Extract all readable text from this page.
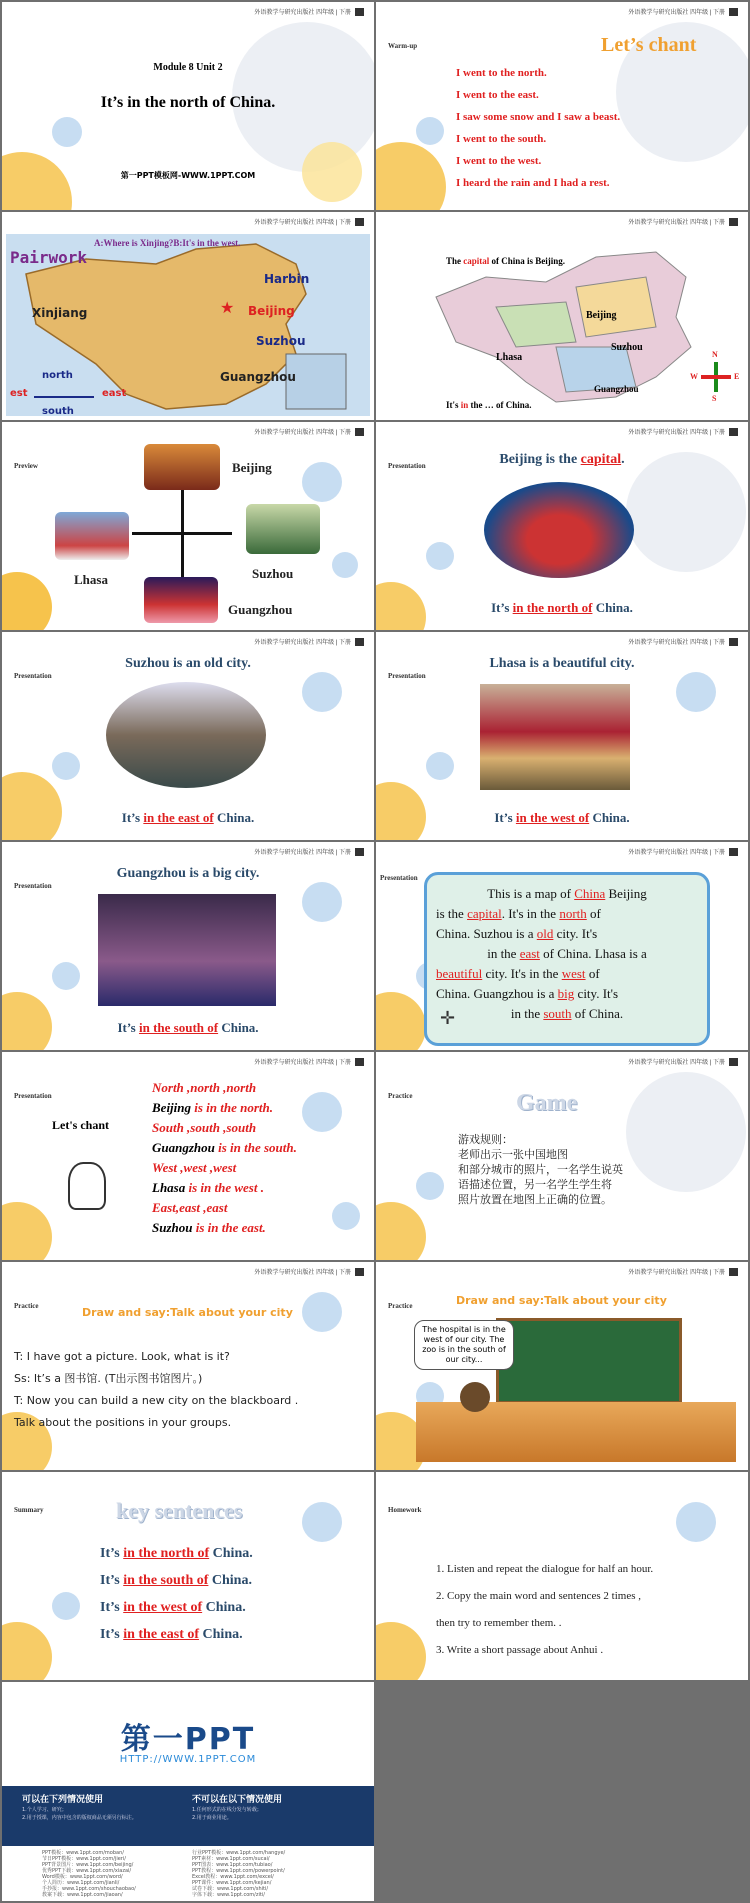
外语教学与研究出版社 四年级 | 下册
Module 8 Unit 2
It’s in the north of China.
第一PPT模板网-WWW.1PPT.COM
外语教学与研究出版社 四年级 | 下册
Warm-up	Let’s chant
I went to the north.
I went to the east.
I saw some snow and I saw a beast.
I went to the south.
I went to the west.
I heard the rain and I had a rest.
外语教学与研究出版社 四年级 | 下册
Pairwork
A:Where is Xinjing?B:It's in the west.
Harbin
Beijing
★
Suzhou
Guangzhou
Xinjiang
north
south
east
est
外语教学与研究出版社 四年级 | 下册
The capital of China is Beijing.
Beijing
Suzhou
Lhasa
Guangzhou
It's in the … of China.
N
S
E
W
外语教学与研究出版社 四年级 | 下册
Preview	Beijing
Lhasa	Suzhou
Guangzhou
外语教学与研究出版社 四年级 | 下册
Presentation	Beijing is the capital.
It’s in the north of China.
外语教学与研究出版社 四年级 | 下册
Presentation
Suzhou is an old city.
It’s in the east of China.
外语教学与研究出版社 四年级 | 下册
Presentation
Lhasa is a beautiful city.
It’s in the west of China.
外语教学与研究出版社 四年级 | 下册
Presentation
Guangzhou is a big city.
It’s in the south of China.
外语教学与研究出版社 四年级 | 下册
Presentation
This is a map of China Beijing
is the capital. It's in the north of
China. Suzhou is a old city. It's
in the east of China. Lhasa is a
beautiful city. It's in the west of
China. Guangzhou is a big city. It's
in the south of China.
✛
外语教学与研究出版社 四年级 | 下册
Presentation
Let's chant
North ,north ,north
Beijing is in the north.
South ,south ,south
Guangzhou is in the south.
West ,west ,west
Lhasa is in the west .
East,east ,east
Suzhou is in the east.
外语教学与研究出版社 四年级 | 下册
Practice	Game
游戏规则：
老师出示一张中国地图
和部分城市的照片，一名学生说英
语描述位置，另一名学生学生将
照片放置在地图上正确的位置。
外语教学与研究出版社 四年级 | 下册
Practice	Draw and say:Talk about your city
T: I have got a picture. Look, what is it?
Ss: It’s a 图书馆. (T出示图书馆图片。)
T: Now you can build a new city on the blackboard .
Talk about the positions in your groups.
外语教学与研究出版社 四年级 | 下册
Practice	Draw and say:Talk about your city
The hospital is in the west of our city. The zoo is in the south of our city...
Summary	key sentences
It’s in the north of China.
It’s in the south of China.
It’s in the west of China.
It’s in the east of China.
Homework
1. Listen and repeat the dialogue for half an hour.
2. Copy the main word and sentences 2 times ,
then try to remember them. .
3. Write a short passage about Anhui .
第一PPT
HTTP://WWW.1PPT.COM
可以在下列情况使用
1.个人学习、研究；
2.用于授课，内容中包含的版权商品无须另行标注。
不可以在以下情况使用
1.任何形式的在线分发与转载；
2.用于商业用途。
PPT模板：www.1ppt.com/moban/
节日PPT模板：www.1ppt.com/jieri/
PPT背景图片：www.1ppt.com/beijing/
优秀PPT下载：www.1ppt.com/xiazai/
Word模板：www.1ppt.com/word/
个人简历：www.1ppt.com/jianli/
手抄报：www.1ppt.com/shouchaobao/
教案下载：www.1ppt.com/jiaoan/
行业PPT模板：www.1ppt.com/hangye/
PPT素材：www.1ppt.com/sucai/
PPT图表：www.1ppt.com/tubiao/
PPT教程：www.1ppt.com/powerpoint/
Excel教程：www.1ppt.com/excel/
PPT课件：www.1ppt.com/kejian/
试卷下载：www.1ppt.com/shiti/
字体下载：www.1ppt.com/ziti/
